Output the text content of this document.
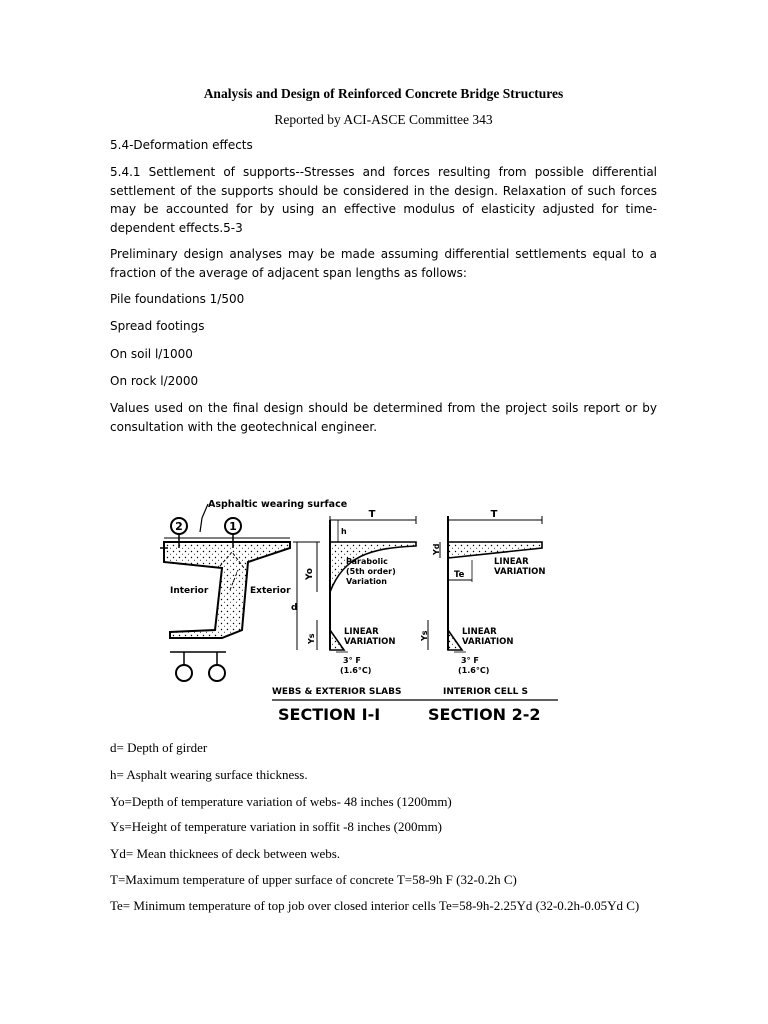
Analysis and Design of Reinforced Concrete Bridge Structures
Reported by ACI-ASCE Committee 343

5.4-Deformation effects

5.4.1 Settlement of supports--Stresses and forces resulting from possible differential settlement of the supports should be considered in the design. Relaxation of such forces may be accounted for by using an effective modulus of elasticity adjusted for time-dependent effects.5-3

Preliminary design analyses may be made assuming differential settlements equal to a fraction of the average of adjacent span lengths as follows:

Pile foundations 1/500

Spread footings

On soil l/1000

On rock l/2000

Values used on the final design should be determined from the project soils report or by consultation with the geotechnical engineer.

Asphaltic wearing surface
2	1
Interior	Exterior
d
Yo
Ys
T
h
Parabolic
(5th order)
Variation
LINEAR
VARIATION
3° F
(1.6°C)
T
Yd
Te
LINEAR
VARIATION
Ys	LINEAR
VARIATION
3° F
(1.6°C)
WEBS & EXTERIOR SLABS	INTERIOR CELL S
SECTION I-I	SECTION 2-2

d= Depth of girder

h= Asphalt wearing surface thickness.

Yo=Depth of temperature variation of webs- 48 inches (1200mm)

Ys=Height of temperature variation in soffit -8 inches (200mm)

Yd= Mean thicknees of deck between webs.

T=Maximum temperature of upper surface of concrete T=58-9h F (32-0.2h C)

Te= Minimum temperature of top job over closed interior cells Te=58-9h-2.25Yd (32-0.2h-0.05Yd C)
